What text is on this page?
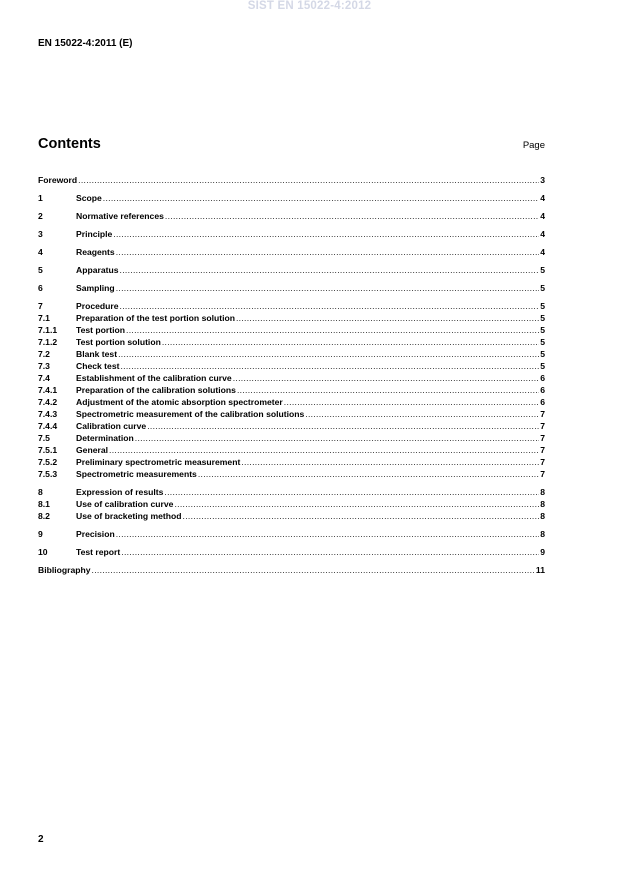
SIST EN 15022-4:2012
EN 15022-4:2011 (E)
Contents	Page
Foreword .....	3
1	Scope .....	4
2	Normative references .....	4
3	Principle .....	4
4	Reagents .....	4
5	Apparatus .....	5
6	Sampling .....	5
7	Procedure .....	5
7.1	Preparation of the test portion solution .....	5
7.1.1	Test portion .....	5
7.1.2	Test portion solution .....	5
7.2	Blank test .....	5
7.3	Check test .....	5
7.4	Establishment of the calibration curve .....	6
7.4.1	Preparation of the calibration solutions .....	6
7.4.2	Adjustment of the atomic absorption spectrometer .....	6
7.4.3	Spectrometric measurement of the calibration solutions .....	7
7.4.4	Calibration curve .....	7
7.5	Determination .....	7
7.5.1	General .....	7
7.5.2	Preliminary spectrometric measurement .....	7
7.5.3	Spectrometric measurements .....	7
8	Expression of results .....	8
8.1	Use of calibration curve .....	8
8.2	Use of bracketing method .....	8
9	Precision .....	8
10	Test report .....	9
Bibliography .....	11
2
